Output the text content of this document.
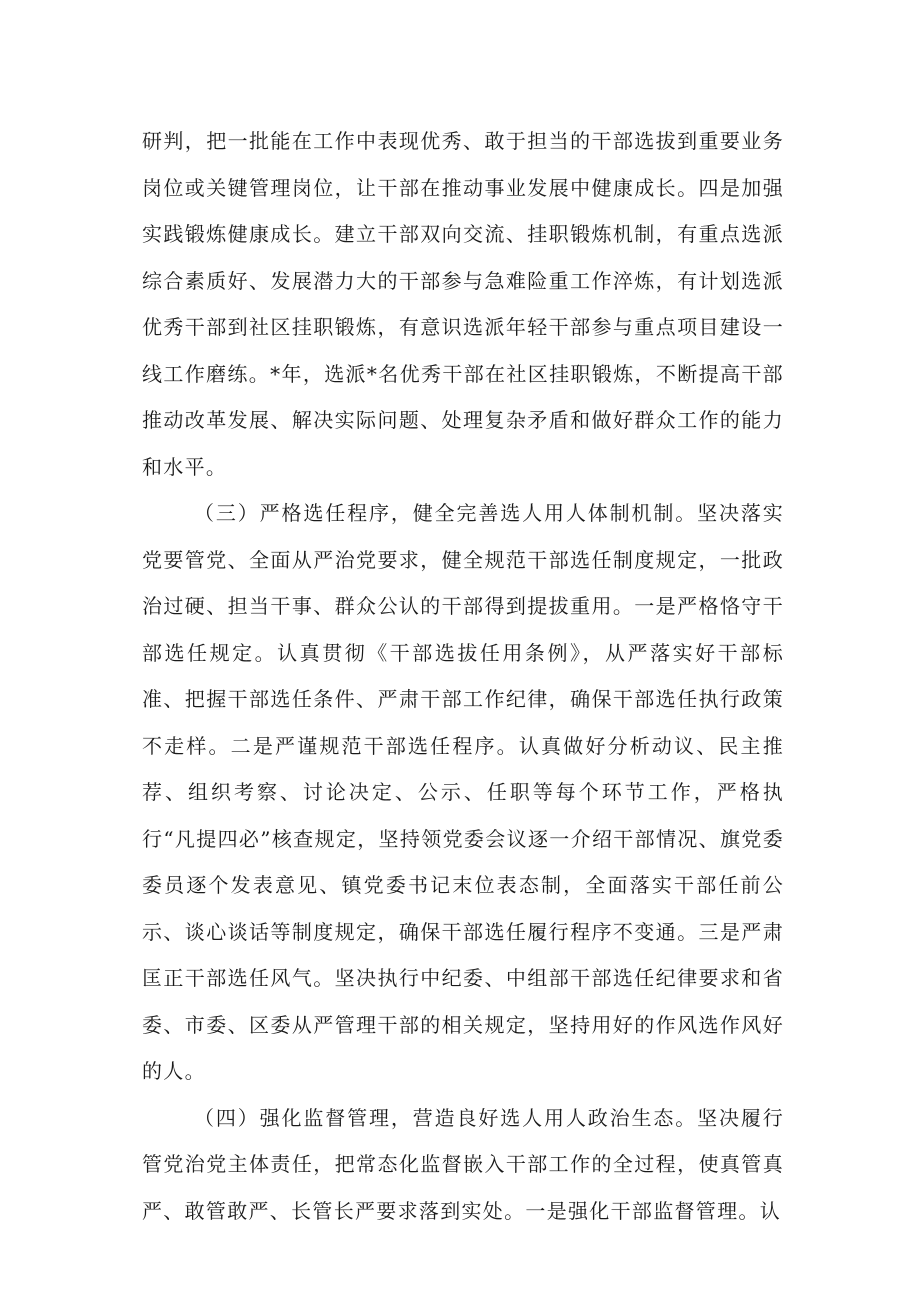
研判，把一批能在工作中表现优秀、敢于担当的干部选拔到重要业务岗位或关键管理岗位，让干部在推动事业发展中健康成长。四是加强实践锻炼健康成长。建立干部双向交流、挂职锻炼机制，有重点选派综合素质好、发展潜力大的干部参与急难险重工作淬炼，有计划选派优秀干部到社区挂职锻炼，有意识选派年轻干部参与重点项目建设一线工作磨练。*年，选派*名优秀干部在社区挂职锻炼，不断提高干部推动改革发展、解决实际问题、处理复杂矛盾和做好群众工作的能力和水平。

（三）严格选任程序，健全完善选人用人体制机制。坚决落实党要管党、全面从严治党要求，健全规范干部选任制度规定，一批政治过硬、担当干事、群众公认的干部得到提拔重用。一是严格恪守干部选任规定。认真贯彻《干部选拔任用条例》，从严落实好干部标准、把握干部选任条件、严肃干部工作纪律，确保干部选任执行政策不走样。二是严谨规范干部选任程序。认真做好分析动议、民主推荐、组织考察、讨论决定、公示、任职等每个环节工作，严格执行“凡提四必”核查规定，坚持领党委会议逐一介绍干部情况、旗党委委员逐个发表意见、镇党委书记末位表态制，全面落实干部任前公示、谈心谈话等制度规定，确保干部选任履行程序不变通。三是严肃匡正干部选任风气。坚决执行中纪委、中组部干部选任纪律要求和省委、市委、区委从严管理干部的相关规定，坚持用好的作风选作风好的人。

（四）强化监督管理，营造良好选人用人政治生态。坚决履行管党治党主体责任，把常态化监督嵌入干部工作的全过程，使真管真严、敢管敢严、长管长严要求落到实处。一是强化干部监督管理。认
